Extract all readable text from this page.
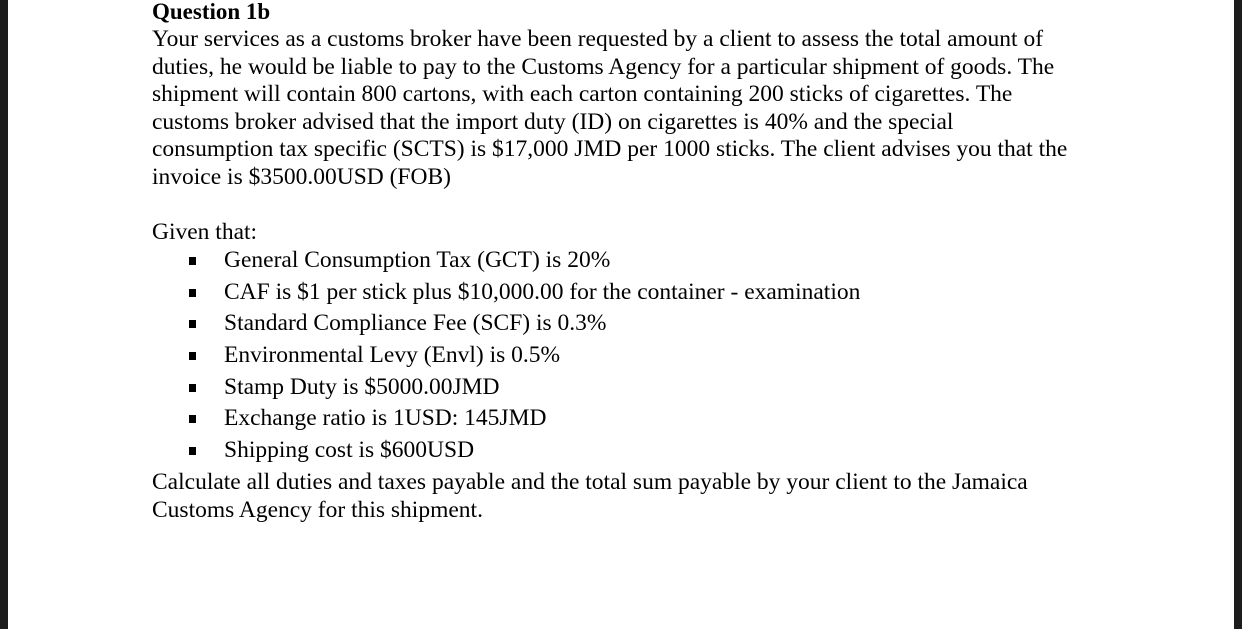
Question 1b
Your services as a customs broker have been requested by a client to assess the total amount of
duties, he would be liable to pay to the Customs Agency for a particular shipment of goods. The
shipment will contain 800 cartons, with each carton containing 200 sticks of cigarettes. The
customs broker advised that the import duty (ID) on cigarettes is 40% and the special
consumption tax specific (SCTS) is $17,000 JMD per 1000 sticks. The client advises you that the
invoice is $3500.00USD (FOB)
Given that:
General Consumption Tax (GCT) is 20%
CAF is $1 per stick plus $10,000.00 for the container - examination
Standard Compliance Fee (SCF) is 0.3%
Environmental Levy (Envl) is 0.5%
Stamp Duty is $5000.00JMD
Exchange ratio is 1USD: 145JMD
Shipping cost is $600USD
Calculate all duties and taxes payable and the total sum payable by your client to the Jamaica
Customs Agency for this shipment.
